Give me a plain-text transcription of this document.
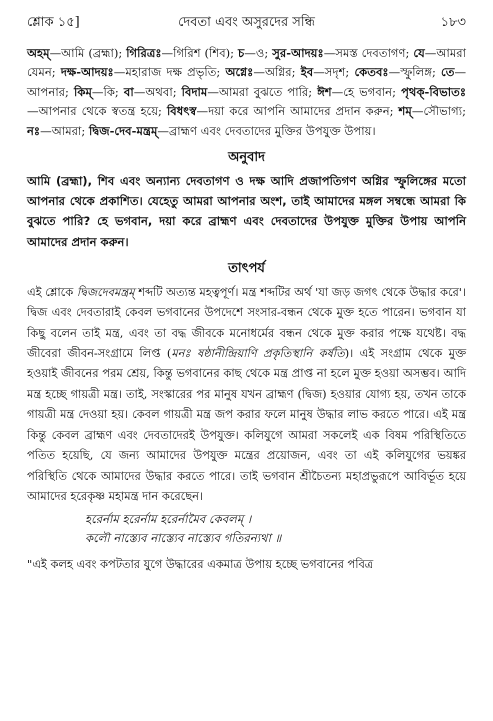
শ্লোক ১৫]	দেবতা এবং অসুরদের সন্ধি	১৮৩
অহম্—আমি (ব্রহ্মা); গিরিত্রঃ—গিরিশ (শিব); চ—ও; সুর-আদয়ঃ—সমস্ত দেবতাগণ; যে—আমরা যেমন; দক্ষ-আদয়ঃ—মহারাজ দক্ষ প্রভৃতি; অগ্নেঃ—অগ্নির; ইব—সদৃশ; কেতবঃ—স্ফুলিঙ্গ; তে—আপনার; কিম্—কি; বা—অথবা; বিদাম—আমরা বুঝতে পারি; ঈশ—হে ভগবান; পৃথক্-বিভাতঃ—আপনার থেকে স্বতন্ত্র হয়ে; বিধৎস্ব—দয়া করে আপনি আমাদের প্রদান করুন; শম্—সৌভাগ্য; নঃ—আমরা; দ্বিজ-দেব-মন্ত্রম্—ব্রাহ্মণ এবং দেবতাদের মুক্তির উপযুক্ত উপায়।
অনুবাদ
আমি (ব্রহ্মা), শিব এবং অন্যান্য দেবতাগণ ও দক্ষ আদি প্রজাপতিগণ অগ্নির স্ফুলিঙ্গের মতো আপনার থেকে প্রকাশিত। যেহেতু আমরা আপনার অংশ, তাই আমাদের মঙ্গল সম্বন্ধে আমরা কি বুঝতে পারি? হে ভগবান, দয়া করে ব্রাহ্মণ এবং দেবতাদের উপযুক্ত মুক্তির উপায় আপনি আমাদের প্রদান করুন।
তাৎপর্য

এই শ্লোকে দ্বিজদেবমন্ত্রম্ শব্দটি অত্যন্ত মহত্বপূর্ণ। মন্ত্র শব্দটির অর্থ 'যা জড় জগৎ থেকে উদ্ধার করে'। দ্বিজ এবং দেবতারাই কেবল ভগবানের উপদেশে সংসার-বন্ধন থেকে মুক্ত হতে পারেন। ভগবান যা কিছু বলেন তাই মন্ত্র, এবং তা বদ্ধ জীবকে মনোধর্মের বন্ধন থেকে মুক্ত করার পক্ষে যথেষ্ট। বদ্ধ জীবেরা জীবন-সংগ্রামে লিপ্ত (মনঃ ষষ্ঠানীন্দ্রিয়াণি প্রকৃতিস্থানি কর্ষতি)। এই সংগ্রাম থেকে মুক্ত হওয়াই জীবনের পরম শ্রেয়, কিন্তু ভগবানের কাছ থেকে মন্ত্র প্রাপ্ত না হলে মুক্ত হওয়া অসম্ভব। আদি মন্ত্র হচ্ছে গায়ত্রী মন্ত্র। তাই, সংস্কারের পর মানুষ যখন ব্রাহ্মণ (দ্বিজ) হওয়ার যোগ্য হয়, তখন তাকে গায়ত্রী মন্ত্র দেওয়া হয়। কেবল গায়ত্রী মন্ত্র জপ করার ফলে মানুষ উদ্ধার লাভ করতে পারে। এই মন্ত্র কিন্তু কেবল ব্রাহ্মণ এবং দেবতাদেরই উপযুক্ত। কলিযুগে আমরা সকলেই এক বিষম পরিস্থিতিতে পতিত হয়েছি, যে জন্য আমাদের উপযুক্ত মন্ত্রের প্রয়োজন, এবং তা এই কলিযুগের ভয়ঙ্কর পরিস্থিতি থেকে আমাদের উদ্ধার করতে পারে। তাই ভগবান শ্রীচৈতন্য মহাপ্রভুরূপে আবির্ভূত হয়ে আমাদের হরেকৃষ্ণ মহামন্ত্র দান করেছেন।

হরের্নাম হরের্নাম হরের্নামৈব কেবলম্ ।
কলৌ নাস্ত্যেব নাস্ত্যেব নাস্ত্যেব গতিরন্যথা ॥
"এই কলহ এবং কপটতার যুগে উদ্ধারের একমাত্র উপায় হচ্ছে ভগবানের পবিত্র
